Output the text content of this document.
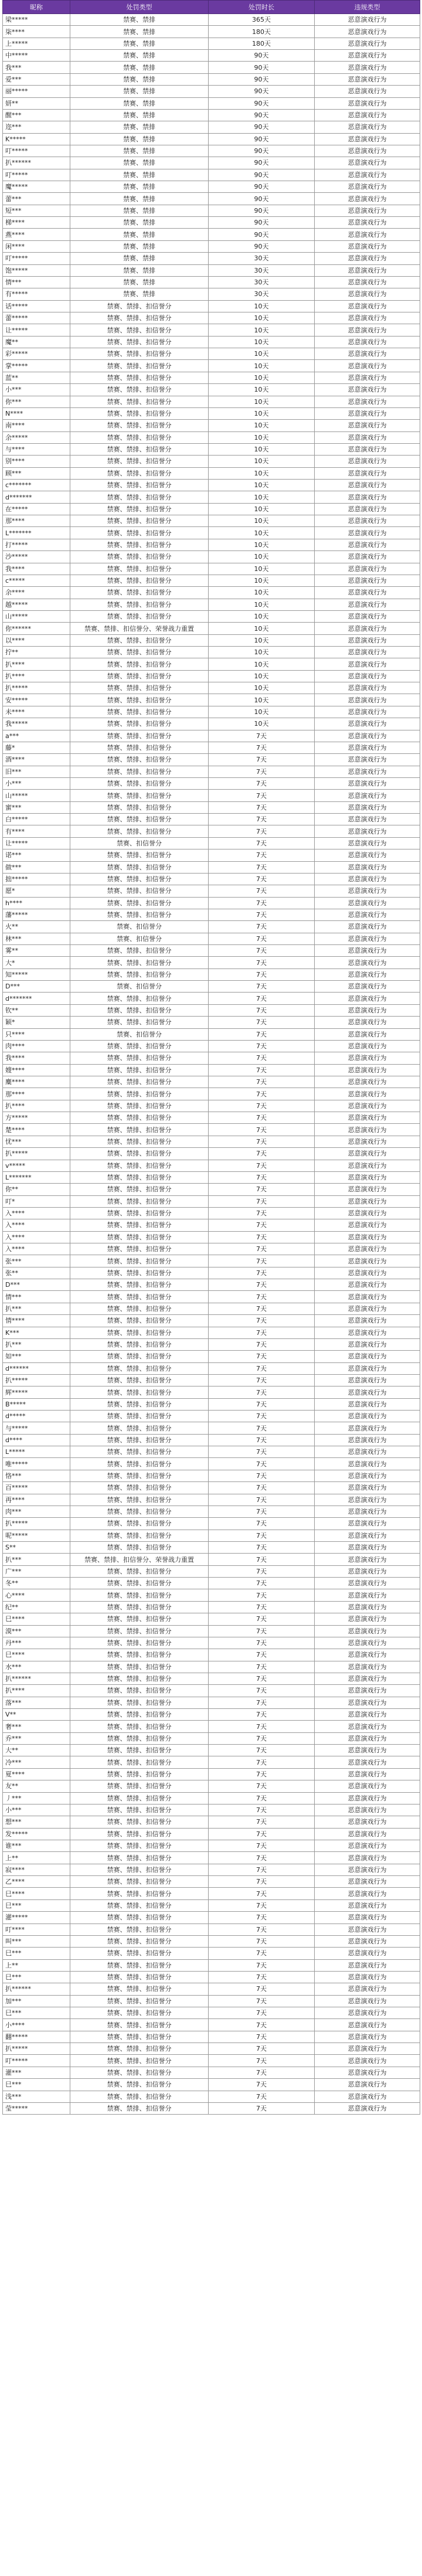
昵称	处罚类型	处罚时长	违规类型
梁*****	禁赛、禁排	365天	恶意演戏行为
柒****	禁赛、禁排	180天	恶意演戏行为
上*****	禁赛、禁排	180天	恶意演戏行为
中*****	禁赛、禁排	90天	恶意演戏行为
我***	禁赛、禁排	90天	恶意演戏行为
爱***	禁赛、禁排	90天	恶意演戏行为
丽*****	禁赛、禁排	90天	恶意演戏行为
妍**	禁赛、禁排	90天	恶意演戏行为
醒***	禁赛、禁排	90天	恶意演戏行为
迩***	禁赛、禁排	90天	恶意演戏行为
K*****	禁赛、禁排	90天	恶意演戏行为
叮*****	禁赛、禁排	90天	恶意演戏行为
扒******	禁赛、禁排	90天	恶意演戏行为
叮*****	禁赛、禁排	90天	恶意演戏行为
魔*****	禁赛、禁排	90天	恶意演戏行为
蕾***	禁赛、禁排	90天	恶意演戏行为
短***	禁赛、禁排	90天	恶意演戏行为
梯****	禁赛、禁排	90天	恶意演戏行为
燕****	禁赛、禁排	90天	恶意演戏行为
闲****	禁赛、禁排	90天	恶意演戏行为
叮*****	禁赛、禁排	30天	恶意演戏行为
饱*****	禁赛、禁排	30天	恶意演戏行为
情***	禁赛、禁排	30天	恶意演戏行为
有*****	禁赛、禁排	30天	恶意演戏行为
话*****	禁赛、禁排、扣信誉分	10天	恶意演戏行为
蕾*****	禁赛、禁排、扣信誉分	10天	恶意演戏行为
让*****	禁赛、禁排、扣信誉分	10天	恶意演戏行为
魔**	禁赛、禁排、扣信誉分	10天	恶意演戏行为
彩*****	禁赛、禁排、扣信誉分	10天	恶意演戏行为
掌*****	禁赛、禁排、扣信誉分	10天	恶意演戏行为
蓝**	禁赛、禁排、扣信誉分	10天	恶意演戏行为
小***	禁赛、禁排、扣信誉分	10天	恶意演戏行为
你***	禁赛、禁排、扣信誉分	10天	恶意演戏行为
N****	禁赛、禁排、扣信誉分	10天	恶意演戏行为
南****	禁赛、禁排、扣信誉分	10天	恶意演戏行为
余*****	禁赛、禁排、扣信誉分	10天	恶意演戏行为
与****	禁赛、禁排、扣信誉分	10天	恶意演戏行为
别****	禁赛、禁排、扣信誉分	10天	恶意演戏行为
顾***	禁赛、禁排、扣信誉分	10天	恶意演戏行为
c*******	禁赛、禁排、扣信誉分	10天	恶意演戏行为
d*******	禁赛、禁排、扣信誉分	10天	恶意演戏行为
在*****	禁赛、禁排、扣信誉分	10天	恶意演戏行为
那****	禁赛、禁排、扣信誉分	10天	恶意演戏行为
L*******	禁赛、禁排、扣信誉分	10天	恶意演戏行为
打*****	禁赛、禁排、扣信誉分	10天	恶意演戏行为
沙*****	禁赛、禁排、扣信誉分	10天	恶意演戏行为
我****	禁赛、禁排、扣信誉分	10天	恶意演戏行为
c*****	禁赛、禁排、扣信誉分	10天	恶意演戏行为
余****	禁赛、禁排、扣信誉分	10天	恶意演戏行为
越*****	禁赛、禁排、扣信誉分	10天	恶意演戏行为
山*****	禁赛、禁排、扣信誉分	10天	恶意演戏行为
你******	禁赛、禁排、扣信誉分、荣誉战力重置	10天	恶意演戏行为
以****	禁赛、禁排、扣信誉分	10天	恶意演戏行为
拧**	禁赛、禁排、扣信誉分	10天	恶意演戏行为
扒****	禁赛、禁排、扣信誉分	10天	恶意演戏行为
扒****	禁赛、禁排、扣信誉分	10天	恶意演戏行为
扒*****	禁赛、禁排、扣信誉分	10天	恶意演戏行为
安*****	禁赛、禁排、扣信誉分	10天	恶意演戏行为
未****	禁赛、禁排、扣信誉分	10天	恶意演戏行为
我*****	禁赛、禁排、扣信誉分	10天	恶意演戏行为
a***	禁赛、禁排、扣信誉分	7天	恶意演戏行为
藤*	禁赛、禁排、扣信誉分	7天	恶意演戏行为
酒****	禁赛、禁排、扣信誉分	7天	恶意演戏行为
旧***	禁赛、禁排、扣信誉分	7天	恶意演戏行为
小***	禁赛、禁排、扣信誉分	7天	恶意演戏行为
山*****	禁赛、禁排、扣信誉分	7天	恶意演戏行为
蜜***	禁赛、禁排、扣信誉分	7天	恶意演戏行为
白*****	禁赛、禁排、扣信誉分	7天	恶意演戏行为
有****	禁赛、禁排、扣信誉分	7天	恶意演戏行为
让*****	禁赛、扣信誉分	7天	恶意演戏行为
诺***	禁赛、禁排、扣信誉分	7天	恶意演戏行为
做***	禁赛、禁排、扣信誉分	7天	恶意演戏行为
拙*****	禁赛、禁排、扣信誉分	7天	恶意演戏行为
愿*	禁赛、禁排、扣信誉分	7天	恶意演戏行为
h****	禁赛、禁排、扣信誉分	7天	恶意演戏行为
藩*****	禁赛、禁排、扣信誉分	7天	恶意演戏行为
火**	禁赛、扣信誉分	7天	恶意演戏行为
林***	禁赛、扣信誉分	7天	恶意演戏行为
雾**	禁赛、禁排、扣信誉分	7天	恶意演戏行为
大*	禁赛、禁排、扣信誉分	7天	恶意演戏行为
知*****	禁赛、禁排、扣信誉分	7天	恶意演戏行为
D***	禁赛、扣信誉分	7天	恶意演戏行为
d*******	禁赛、禁排、扣信誉分	7天	恶意演戏行为
钦**	禁赛、禁排、扣信誉分	7天	恶意演戏行为
颖*	禁赛、禁排、扣信誉分	7天	恶意演戏行为
只****	禁赛、扣信誉分	7天	恶意演戏行为
肉****	禁赛、禁排、扣信誉分	7天	恶意演戏行为
我****	禁赛、禁排、扣信誉分	7天	恶意演戏行为
嫂****	禁赛、禁排、扣信誉分	7天	恶意演戏行为
麋****	禁赛、禁排、扣信誉分	7天	恶意演戏行为
那****	禁赛、禁排、扣信誉分	7天	恶意演戏行为
扒****	禁赛、禁排、扣信誉分	7天	恶意演戏行为
方*****	禁赛、禁排、扣信誉分	7天	恶意演戏行为
楚****	禁赛、禁排、扣信誉分	7天	恶意演戏行为
忧***	禁赛、禁排、扣信誉分	7天	恶意演戏行为
扒*****	禁赛、禁排、扣信誉分	7天	恶意演戏行为
v*****	禁赛、禁排、扣信誉分	7天	恶意演戏行为
L*******	禁赛、禁排、扣信誉分	7天	恶意演戏行为
你**	禁赛、禁排、扣信誉分	7天	恶意演戏行为
叮*	禁赛、禁排、扣信誉分	7天	恶意演戏行为
入****	禁赛、禁排、扣信誉分	7天	恶意演戏行为
入****	禁赛、禁排、扣信誉分	7天	恶意演戏行为
入****	禁赛、禁排、扣信誉分	7天	恶意演戏行为
入****	禁赛、禁排、扣信誉分	7天	恶意演戏行为
张***	禁赛、禁排、扣信誉分	7天	恶意演戏行为
张**	禁赛、禁排、扣信誉分	7天	恶意演戏行为
D***	禁赛、禁排、扣信誉分	7天	恶意演戏行为
情***	禁赛、禁排、扣信誉分	7天	恶意演戏行为
扒***	禁赛、禁排、扣信誉分	7天	恶意演戏行为
情****	禁赛、禁排、扣信誉分	7天	恶意演戏行为
K***	禁赛、禁排、扣信誉分	7天	恶意演戏行为
扒***	禁赛、禁排、扣信誉分	7天	恶意演戏行为
如***	禁赛、禁排、扣信誉分	7天	恶意演戏行为
d******	禁赛、禁排、扣信誉分	7天	恶意演戏行为
扒*****	禁赛、禁排、扣信誉分	7天	恶意演戏行为
辉*****	禁赛、禁排、扣信誉分	7天	恶意演戏行为
B*****	禁赛、禁排、扣信誉分	7天	恶意演戏行为
d*****	禁赛、禁排、扣信誉分	7天	恶意演戏行为
与*****	禁赛、禁排、扣信誉分	7天	恶意演戏行为
d****	禁赛、禁排、扣信誉分	7天	恶意演戏行为
L*****	禁赛、禁排、扣信誉分	7天	恶意演戏行为
唯*****	禁赛、禁排、扣信誉分	7天	恶意演戏行为
恪***	禁赛、禁排、扣信誉分	7天	恶意演戏行为
百*****	禁赛、禁排、扣信誉分	7天	恶意演戏行为
再****	禁赛、禁排、扣信誉分	7天	恶意演戏行为
肉***	禁赛、禁排、扣信誉分	7天	恶意演戏行为
扒*****	禁赛、禁排、扣信誉分	7天	恶意演戏行为
呢*****	禁赛、禁排、扣信誉分	7天	恶意演戏行为
S**	禁赛、禁排、扣信誉分	7天	恶意演戏行为
扒***	禁赛、禁排、扣信誉分、荣誉战力重置	7天	恶意演戏行为
广***	禁赛、禁排、扣信誉分	7天	恶意演戏行为
冬**	禁赛、禁排、扣信誉分	7天	恶意演戏行为
心****	禁赛、禁排、扣信誉分	7天	恶意演戏行为
纪**	禁赛、禁排、扣信誉分	7天	恶意演戏行为
巳****	禁赛、禁排、扣信誉分	7天	恶意演戏行为
漠***	禁赛、禁排、扣信誉分	7天	恶意演戏行为
丹***	禁赛、禁排、扣信誉分	7天	恶意演戏行为
巳****	禁赛、禁排、扣信誉分	7天	恶意演戏行为
水***	禁赛、禁排、扣信誉分	7天	恶意演戏行为
扒******	禁赛、禁排、扣信誉分	7天	恶意演戏行为
扒****	禁赛、禁排、扣信誉分	7天	恶意演戏行为
落***	禁赛、禁排、扣信誉分	7天	恶意演戏行为
V**	禁赛、禁排、扣信誉分	7天	恶意演戏行为
奢***	禁赛、禁排、扣信誉分	7天	恶意演戏行为
乔***	禁赛、禁排、扣信誉分	7天	恶意演戏行为
大**	禁赛、禁排、扣信誉分	7天	恶意演戏行为
冷***	禁赛、禁排、扣信誉分	7天	恶意演戏行为
夏****	禁赛、禁排、扣信誉分	7天	恶意演戏行为
友**	禁赛、禁排、扣信誉分	7天	恶意演戏行为
丿***	禁赛、禁排、扣信誉分	7天	恶意演戏行为
小***	禁赛、禁排、扣信誉分	7天	恶意演戏行为
想***	禁赛、禁排、扣信誉分	7天	恶意演戏行为
发*****	禁赛、禁排、扣信誉分	7天	恶意演戏行为
谁***	禁赛、禁排、扣信誉分	7天	恶意演戏行为
上**	禁赛、禁排、扣信誉分	7天	恶意演戏行为
寂****	禁赛、禁排、扣信誉分	7天	恶意演戏行为
乙****	禁赛、禁排、扣信誉分	7天	恶意演戏行为
巳****	禁赛、禁排、扣信誉分	7天	恶意演戏行为
巳***	禁赛、禁排、扣信誉分	7天	恶意演戏行为
灌*****	禁赛、禁排、扣信誉分	7天	恶意演戏行为
叮****	禁赛、禁排、扣信誉分	7天	恶意演戏行为
叫***	禁赛、禁排、扣信誉分	7天	恶意演戏行为
巳***	禁赛、禁排、扣信誉分	7天	恶意演戏行为
上**	禁赛、禁排、扣信誉分	7天	恶意演戏行为
巳***	禁赛、禁排、扣信誉分	7天	恶意演戏行为
扒******	禁赛、禁排、扣信誉分	7天	恶意演戏行为
加***	禁赛、禁排、扣信誉分	7天	恶意演戏行为
巳***	禁赛、禁排、扣信誉分	7天	恶意演戏行为
小****	禁赛、禁排、扣信誉分	7天	恶意演戏行为
翻*****	禁赛、禁排、扣信誉分	7天	恶意演戏行为
扒*****	禁赛、禁排、扣信誉分	7天	恶意演戏行为
叮*****	禁赛、禁排、扣信誉分	7天	恶意演戏行为
灌***	禁赛、禁排、扣信誉分	7天	恶意演戏行为
巳***	禁赛、禁排、扣信誉分	7天	恶意演戏行为
浅***	禁赛、禁排、扣信誉分	7天	恶意演戏行为
莹*****	禁赛、禁排、扣信誉分	7天	恶意演戏行为
